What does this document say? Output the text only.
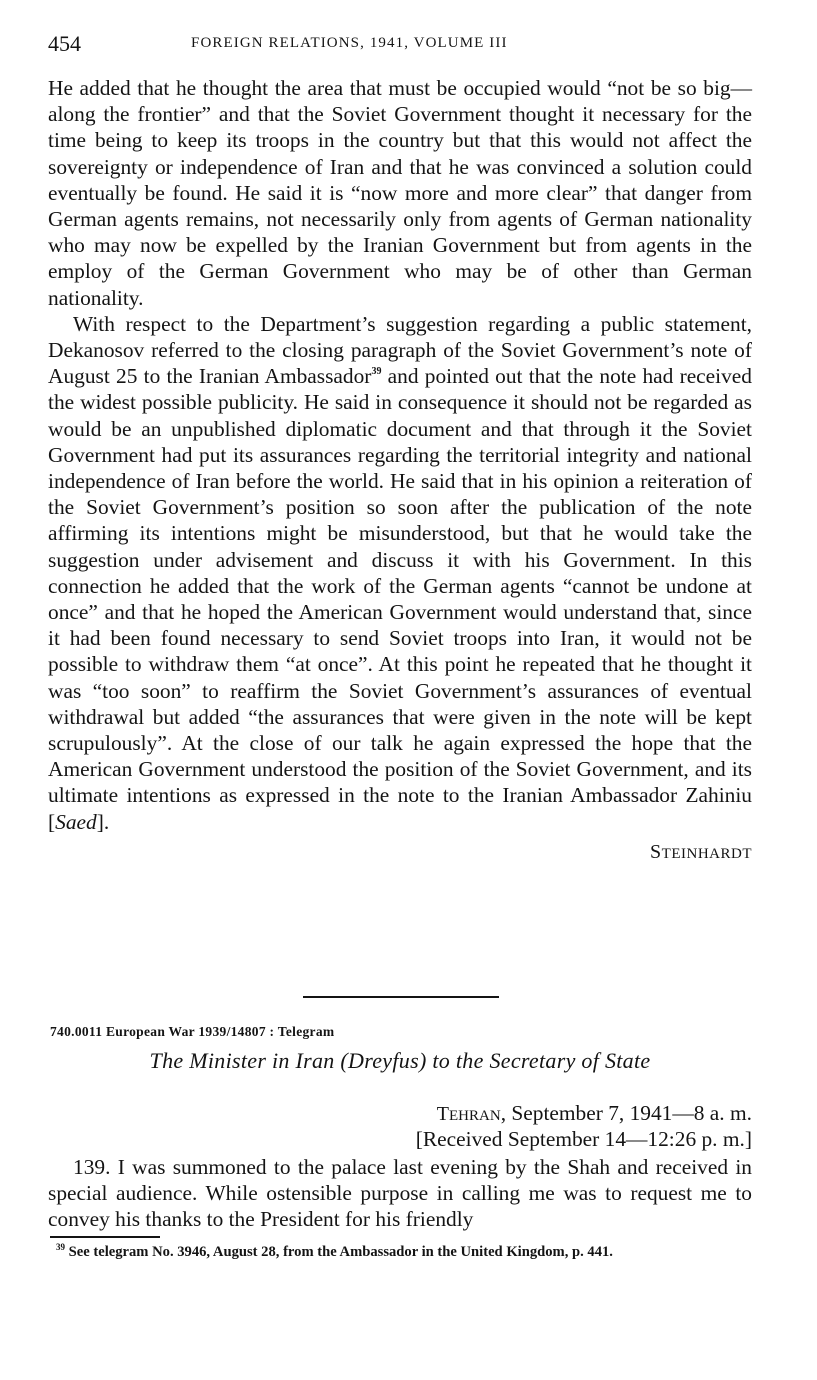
454	FOREIGN RELATIONS, 1941, VOLUME III

He added that he thought the area that must be occupied would “not be so big—along the frontier” and that the Soviet Government thought it necessary for the time being to keep its troops in the country but that this would not affect the sovereignty or independence of Iran and that he was convinced a solution could eventually be found. He said it is “now more and more clear” that danger from German agents remains, not necessarily only from agents of German nationality who may now be expelled by the Iranian Government but from agents in the employ of the German Government who may be of other than German nationality.

With respect to the Department’s suggestion regarding a public statement, Dekanosov referred to the closing paragraph of the Soviet Government’s note of August 25 to the Iranian Ambassador$^{39}$ and pointed out that the note had received the widest possible publicity. He said in consequence it should not be regarded as would be an unpublished diplomatic document and that through it the Soviet Government had put its assurances regarding the territorial integrity and national independence of Iran before the world. He said that in his opinion a reiteration of the Soviet Government’s position so soon after the publication of the note affirming its intentions might be misunderstood, but that he would take the suggestion under advisement and discuss it with his Government. In this connection he added that the work of the German agents “cannot be undone at once” and that he hoped the American Government would understand that, since it had been found necessary to send Soviet troops into Iran, it would not be possible to withdraw them “at once”. At this point he repeated that he thought it was “too soon” to reaffirm the Soviet Government’s assurances of eventual withdrawal but added “the assurances that were given in the note will be kept scrupulously”. At the close of our talk he again expressed the hope that the American Government understood the position of the Soviet Government, and its ultimate intentions as expressed in the note to the Iranian Ambassador Zahiniu [Saed].

STEINHARDT
740.0011 European War 1939/14807 : Telegram
The Minister in Iran (Dreyfus) to the Secretary of State
TEHRAN, September 7, 1941—8 a. m.
[Received September 14—12:26 p. m.]

139. I was summoned to the palace last evening by the Shah and received in special audience. While ostensible purpose in calling me was to request me to convey his thanks to the President for his friendly

$^{39}$ See telegram No. 3946, August 28, from the Ambassador in the United Kingdom, p. 441.
